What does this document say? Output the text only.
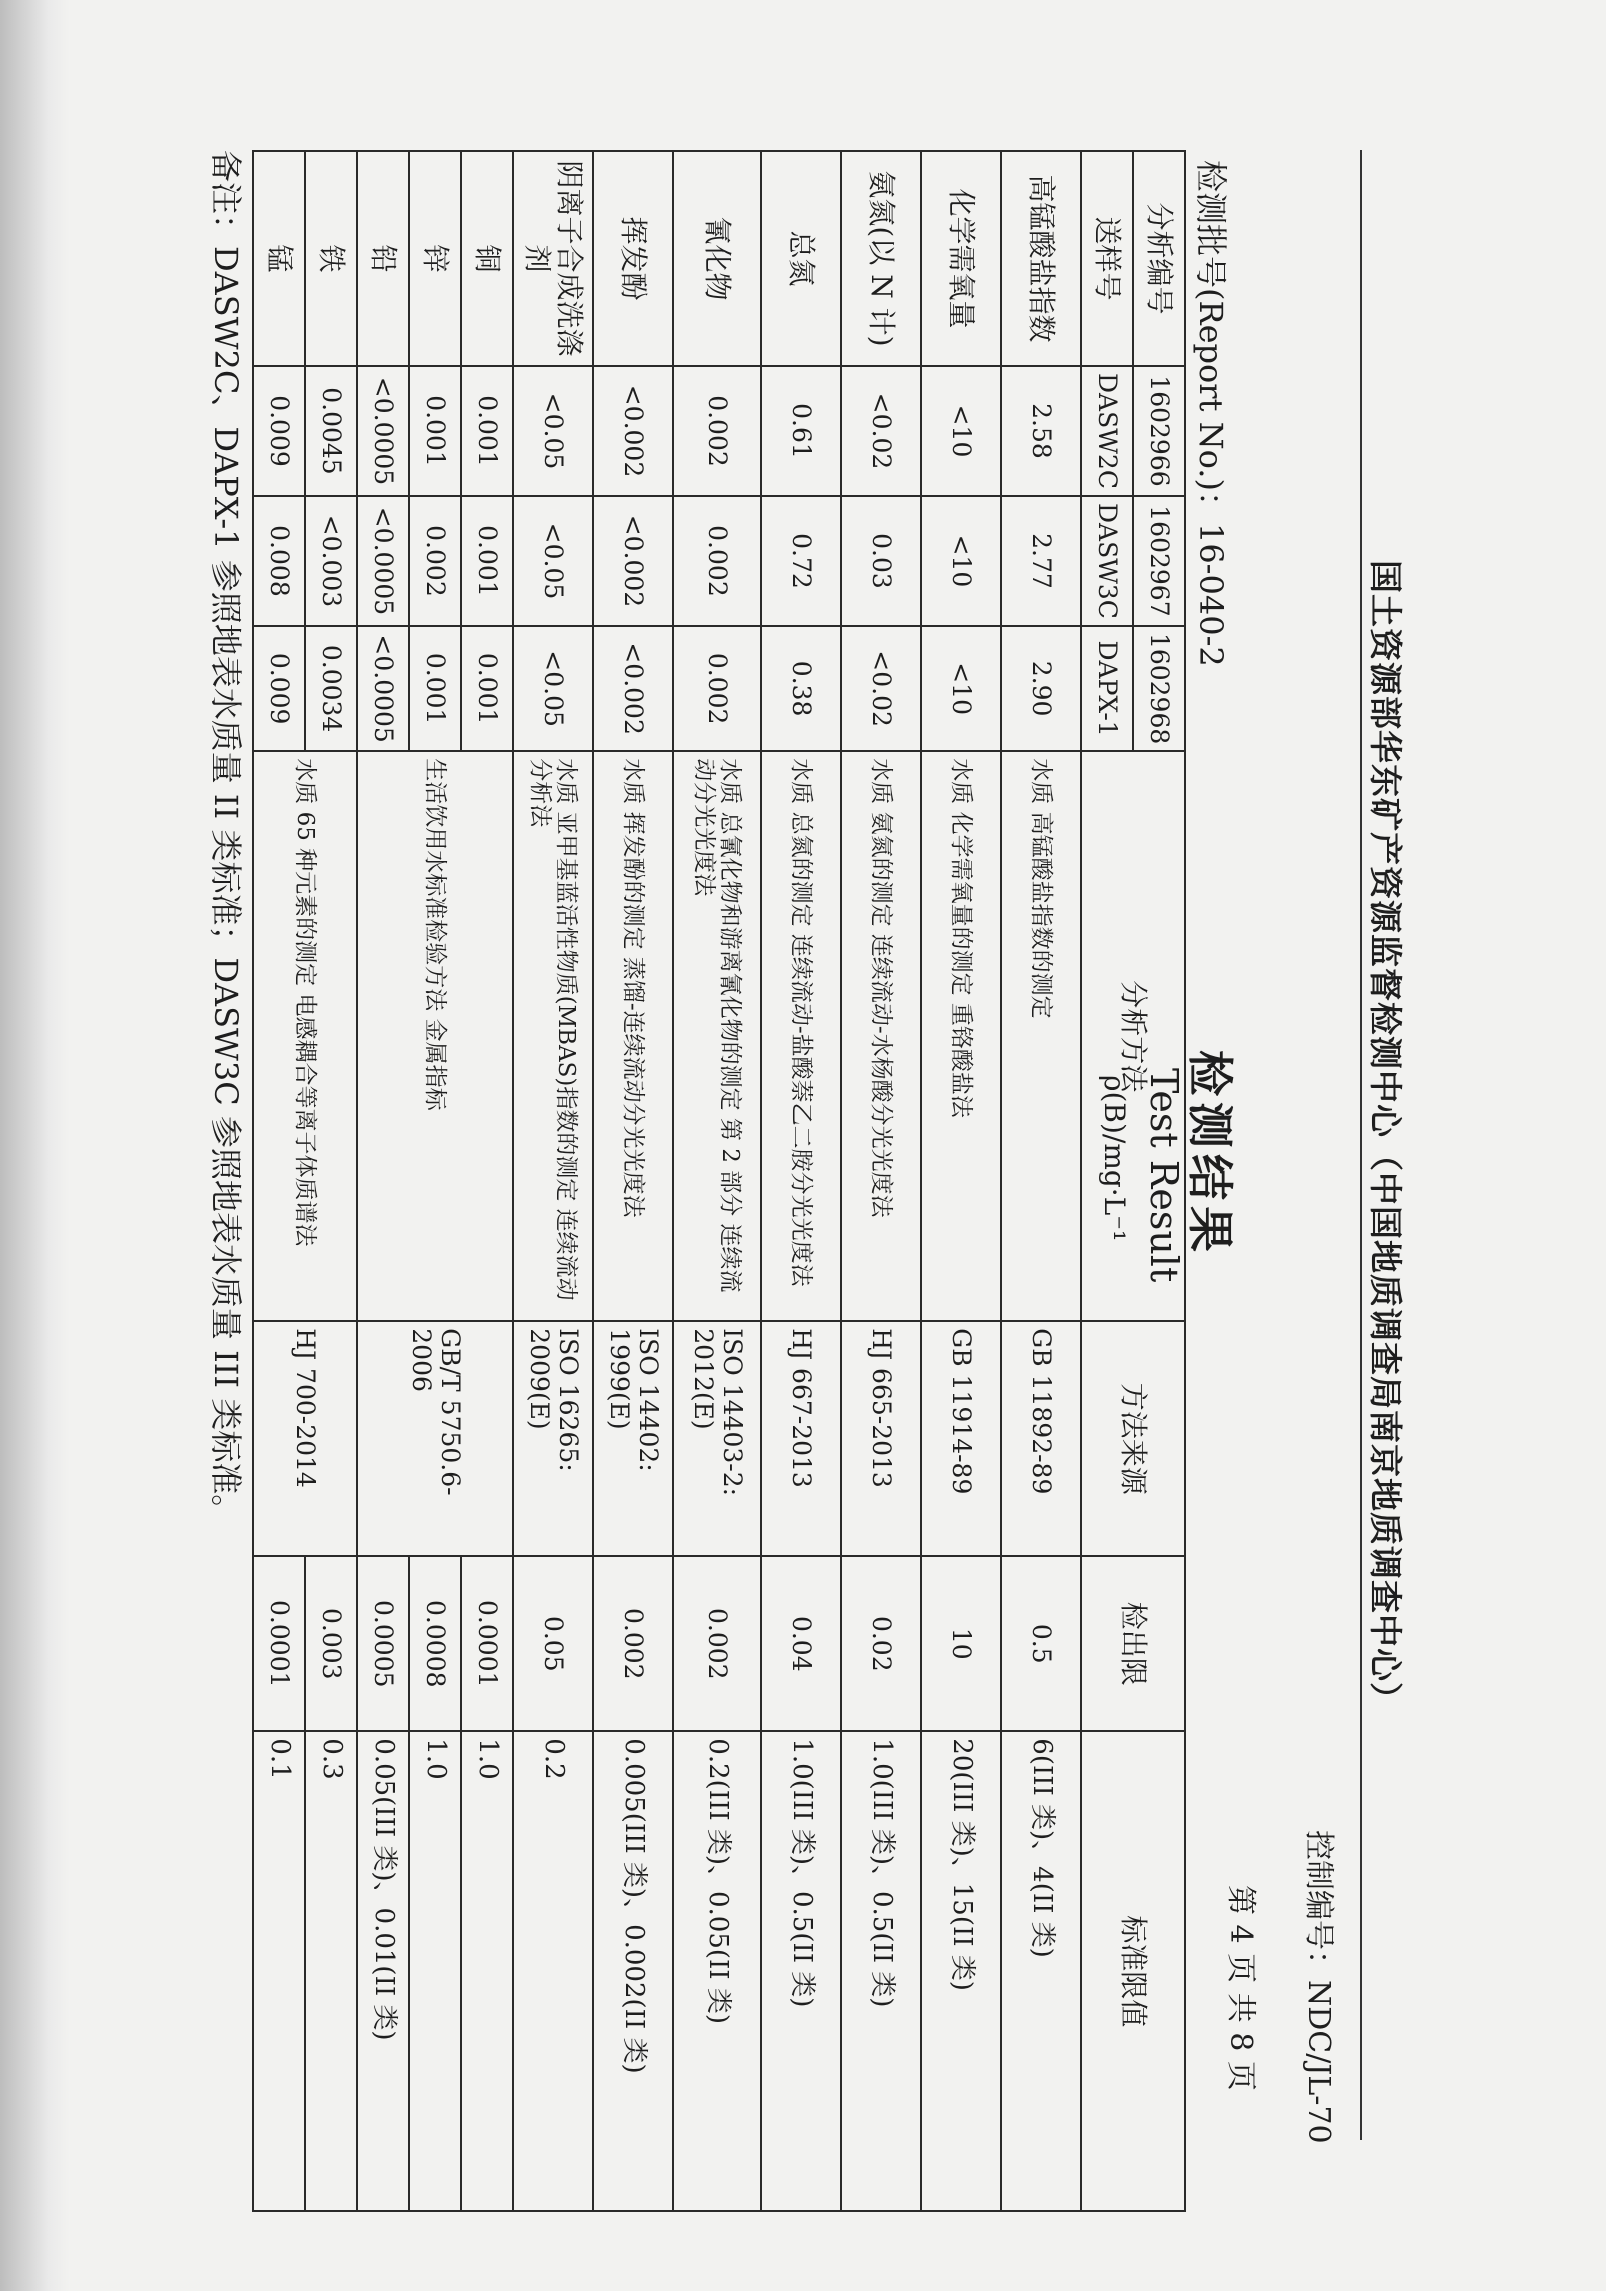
国土资源部华东矿产资源监督检测中心（中国地质调查局南京地质调查中心）
控制编号：NDC/JL-70
第 4 页 共 8 页
检测结果
Test Result
ρ(B)/mg·L⁻¹
检测批号(Report No.)：16-040-2
分析编号	1602966	1602967	1602968	分析方法	方法来源	检出限	标准限值
送样号	DASW2C	DASW3C	DAPX-1				
高锰酸盐指数	2.58	2.77	2.90	水质 高锰酸盐指数的测定	GB 11892-89	0.5	6(III 类)、4(II 类)
化学需氧量	<10	<10	<10	水质 化学需氧量的测定 重铬酸盐法	GB 11914-89	10	20(III 类)、15(II 类)
氨氮(以 N 计)	<0.02	0.03	<0.02	水质 氨氮的测定 连续流动-水杨酸分光光度法	HJ 665-2013	0.02	1.0(III 类)、0.5(II 类)
总氮	0.61	0.72	0.38	水质 总氮的测定 连续流动-盐酸萘乙二胺分光光度法	HJ 667-2013	0.04	1.0(III 类)、0.5(II 类)
氰化物	0.002	0.002	0.002	水质 总氰化物和游离氰化物的测定 第 2 部分 连续流动分光光度法	ISO 14403-2: 2012(E)	0.002	0.2(III 类)、0.05(II 类)
挥发酚	<0.002	<0.002	<0.002	水质 挥发酚的测定 蒸馏-连续流动分光光度法	ISO 14402: 1999(E)	0.002	0.005(III 类)、0.002(II 类)
阴离子合成洗涤剂	<0.05	<0.05	<0.05	水质 亚甲基蓝活性物质(MBAS)指数的测定 连续流动分析法	ISO 16265: 2009(E)	0.05	0.2
铜	0.001	0.001	0.001	生活饮用水标准检验方法 金属指标	GB/T 5750.6-2006	0.0001	1.0
锌	0.001	0.002	0.001			0.0008	1.0
铅	<0.0005	<0.0005	<0.0005			0.0005	0.05(III 类)、0.01(II 类)
铁	0.0045	<0.003	0.0034	水质 65 种元素的测定 电感耦合等离子体质谱法	HJ 700-2014	0.003	0.3
锰	0.009	0.008	0.009			0.0001	0.1
备注：DASW2C、DAPX-1 参照地表水质量 II 类标准；DASW3C 参照地表水质量 III 类标准。
